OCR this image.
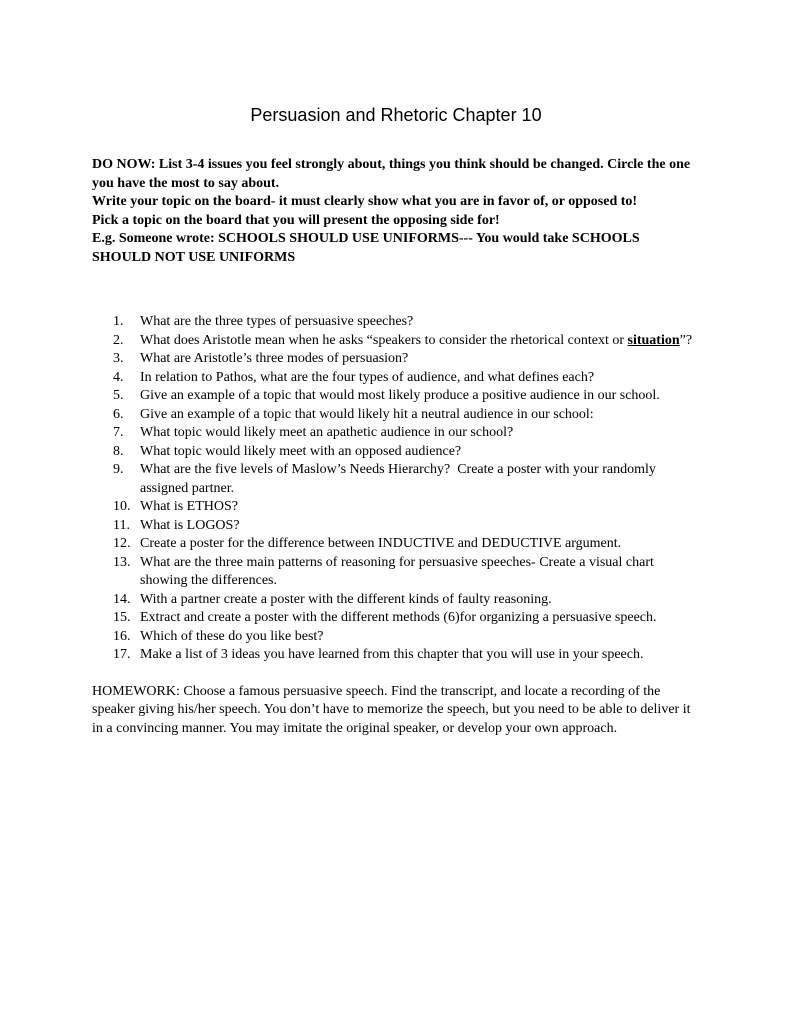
Persuasion and Rhetoric Chapter 10
DO NOW: List 3-4 issues you feel strongly about, things you think should be changed. Circle the one you have the most to say about.
Write your topic on the board- it must clearly show what you are in favor of, or opposed to!
Pick a topic on the board that you will present the opposing side for!
E.g. Someone wrote: SCHOOLS SHOULD USE UNIFORMS--- You would take SCHOOLS SHOULD NOT USE UNIFORMS
1. What are the three types of persuasive speeches?
2. What does Aristotle mean when he asks “speakers to consider the rhetorical context or situation”?
3. What are Aristotle’s three modes of persuasion?
4. In relation to Pathos, what are the four types of audience, and what defines each?
5. Give an example of a topic that would most likely produce a positive audience in our school.
6. Give an example of a topic that would likely hit a neutral audience in our school:
7. What topic would likely meet an apathetic audience in our school?
8. What topic would likely meet with an opposed audience?
9. What are the five levels of Maslow’s Needs Hierarchy?  Create a poster with your randomly assigned partner.
10. What is ETHOS?
11. What is LOGOS?
12. Create a poster for the difference between INDUCTIVE and DEDUCTIVE argument.
13. What are the three main patterns of reasoning for persuasive speeches- Create a visual chart showing the differences.
14. With a partner create a poster with the different kinds of faulty reasoning.
15. Extract and create a poster with the different methods (6)for organizing a persuasive speech.
16. Which of these do you like best?
17. Make a list of 3 ideas you have learned from this chapter that you will use in your speech.

HOMEWORK: Choose a famous persuasive speech. Find the transcript, and locate a recording of the speaker giving his/her speech. You don’t have to memorize the speech, but you need to be able to deliver it in a convincing manner. You may imitate the original speaker, or develop your own approach.
